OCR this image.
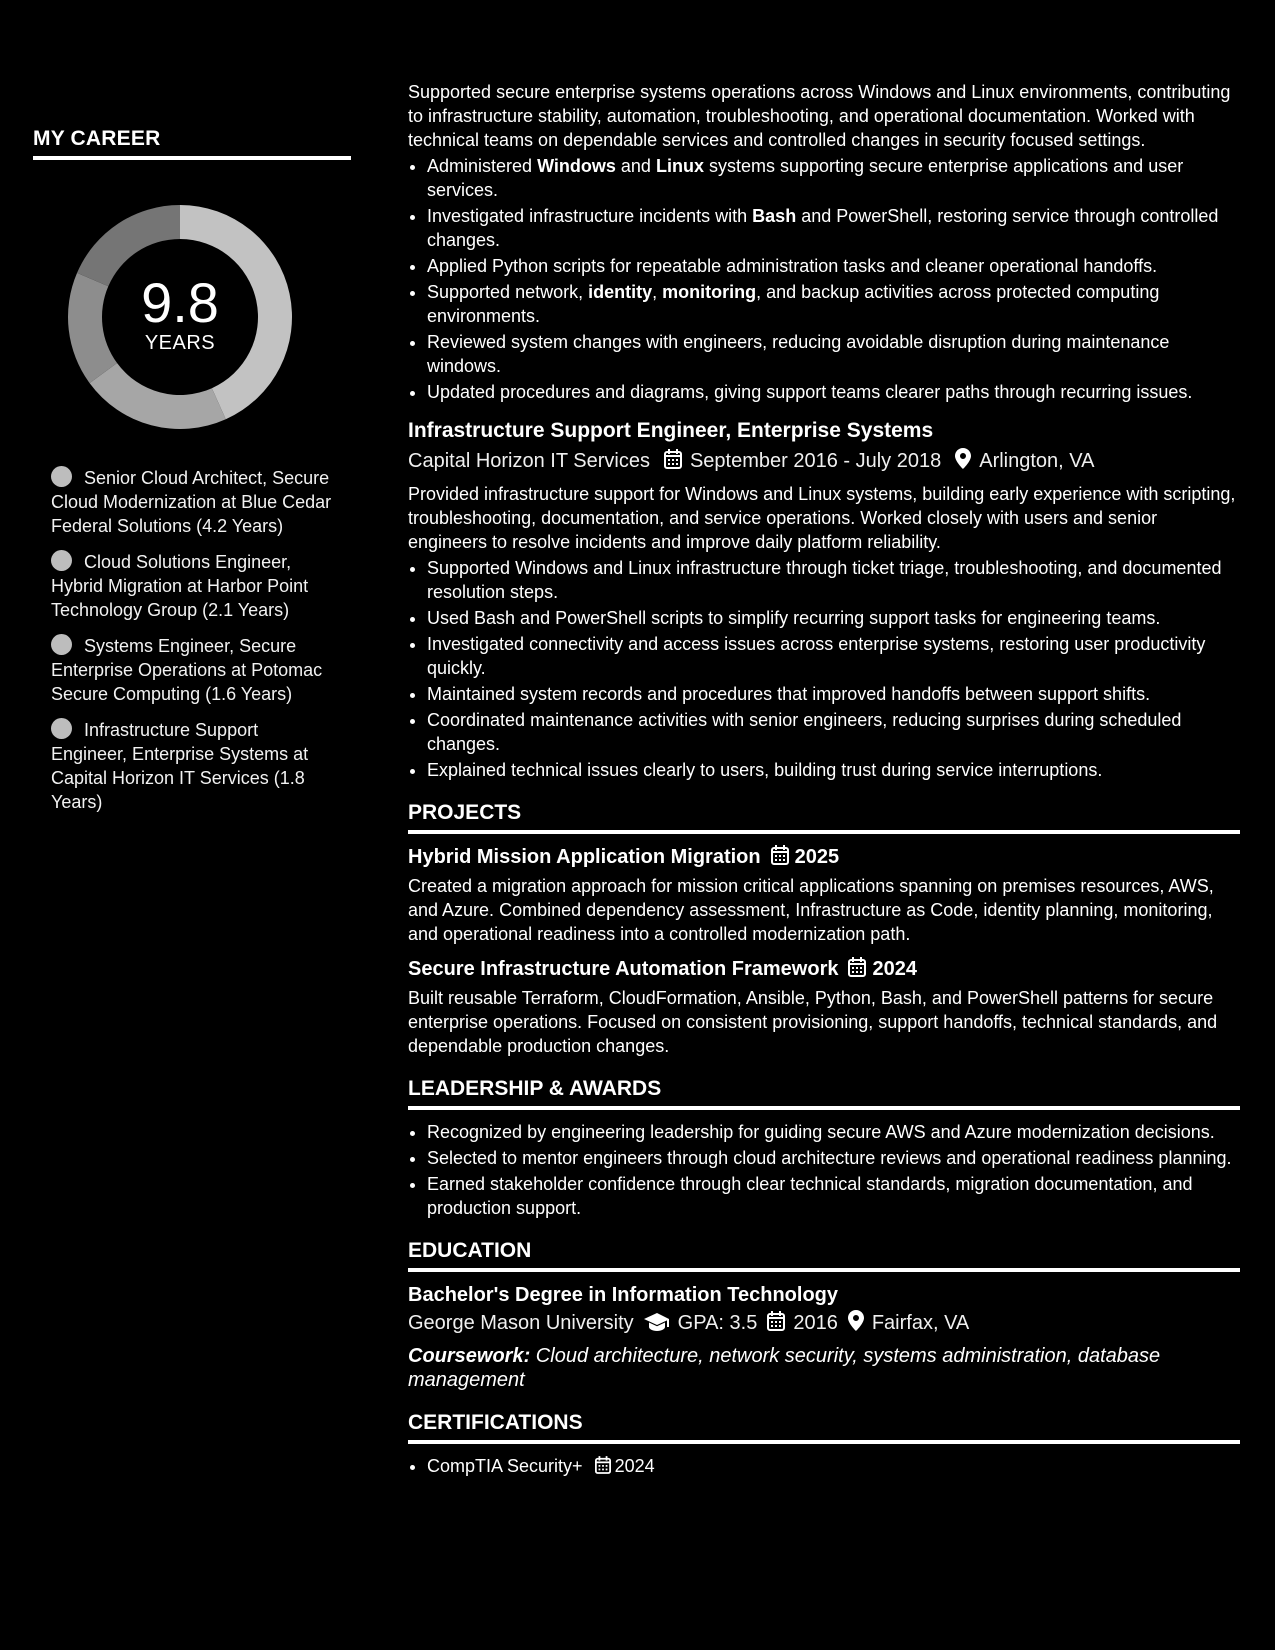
MY CAREER
9.8
YEARS
Senior Cloud Architect, Secure Cloud Modernization at Blue Cedar Federal Solutions (4.2 Years)
Cloud Solutions Engineer, Hybrid Migration at Harbor Point Technology Group (2.1 Years)
Systems Engineer, Secure Enterprise Operations at Potomac Secure Computing (1.6 Years)
Infrastructure Support Engineer, Enterprise Systems at Capital Horizon IT Services (1.8 Years)

Supported secure enterprise systems operations across Windows and Linux environments, contributing to infrastructure stability, automation, troubleshooting, and operational documentation. Worked with technical teams on dependable services and controlled changes in security focused settings.

• Administered Windows and Linux systems supporting secure enterprise applications and user services.
• Investigated infrastructure incidents with Bash and PowerShell, restoring service through controlled changes.
• Applied Python scripts for repeatable administration tasks and cleaner operational handoffs.
• Supported network, identity, monitoring, and backup activities across protected computing environments.
• Reviewed system changes with engineers, reducing avoidable disruption during maintenance windows.
• Updated procedures and diagrams, giving support teams clearer paths through recurring issues.
Infrastructure Support Engineer, Enterprise Systems
Capital Horizon IT Services September 2016 - July 2018 Arlington, VA

Provided infrastructure support for Windows and Linux systems, building early experience with scripting, troubleshooting, documentation, and service operations. Worked closely with users and senior engineers to resolve incidents and improve daily platform reliability.

• Supported Windows and Linux infrastructure through ticket triage, troubleshooting, and documented resolution steps.
• Used Bash and PowerShell scripts to simplify recurring support tasks for engineering teams.
• Investigated connectivity and access issues across enterprise systems, restoring user productivity quickly.
• Maintained system records and procedures that improved handoffs between support shifts.
• Coordinated maintenance activities with senior engineers, reducing surprises during scheduled changes.
• Explained technical issues clearly to users, building trust during service interruptions.
PROJECTS
Hybrid Mission Application Migration 2025

Created a migration approach for mission critical applications spanning on premises resources, AWS, and Azure. Combined dependency assessment, Infrastructure as Code, identity planning, monitoring, and operational readiness into a controlled modernization path.

Secure Infrastructure Automation Framework 2024

Built reusable Terraform, CloudFormation, Ansible, Python, Bash, and PowerShell patterns for secure enterprise operations. Focused on consistent provisioning, support handoffs, technical standards, and dependable production changes.

LEADERSHIP & AWARDS
• Recognized by engineering leadership for guiding secure AWS and Azure modernization decisions.
• Selected to mentor engineers through cloud architecture reviews and operational readiness planning.
• Earned stakeholder confidence through clear technical standards, migration documentation, and production support.
EDUCATION
Bachelor's Degree in Information Technology
George Mason University GPA: 3.5 2016 Fairfax, VA
Coursework: Cloud architecture, network security, systems administration, database management
CERTIFICATIONS
• CompTIA Security+ 2024
